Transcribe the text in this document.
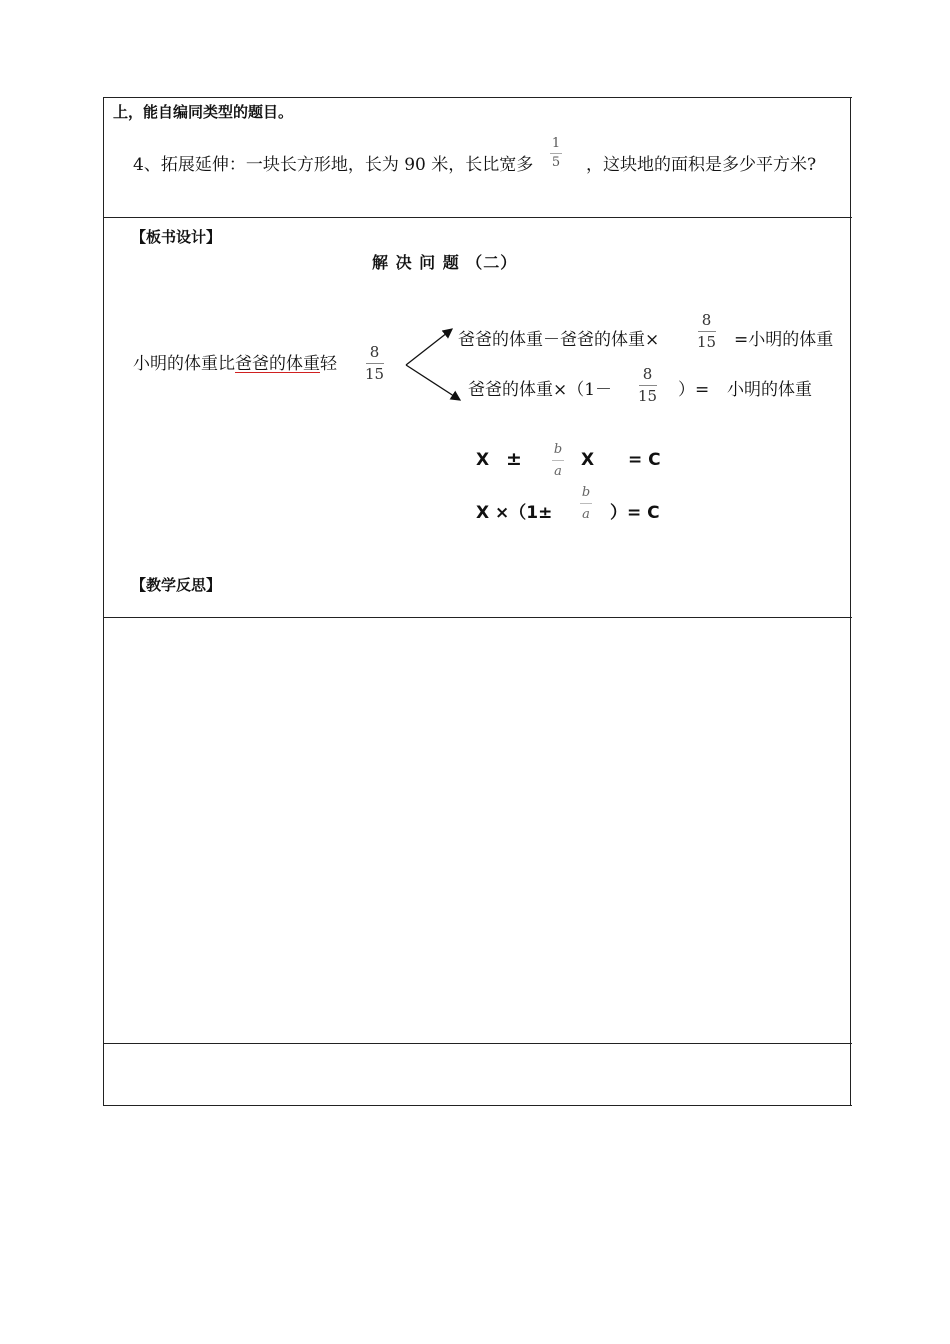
上，能自编同类型的题目。
4、拓展延伸：一块长方形地，长为 90 米，长比宽多
1
5 ，这块地的面积是多少平方米?
【板书设计】
解 决 问 题 （二）
小明的体重比爸爸的体重轻
8
15
爸爸的体重－爸爸的体重×
8
15 =小明的体重
爸爸的体重×（1－
8
15 ）= 小明的体重
X ± b
a
X = C
X ×（1±
b
a ）= C
【教学反思】
